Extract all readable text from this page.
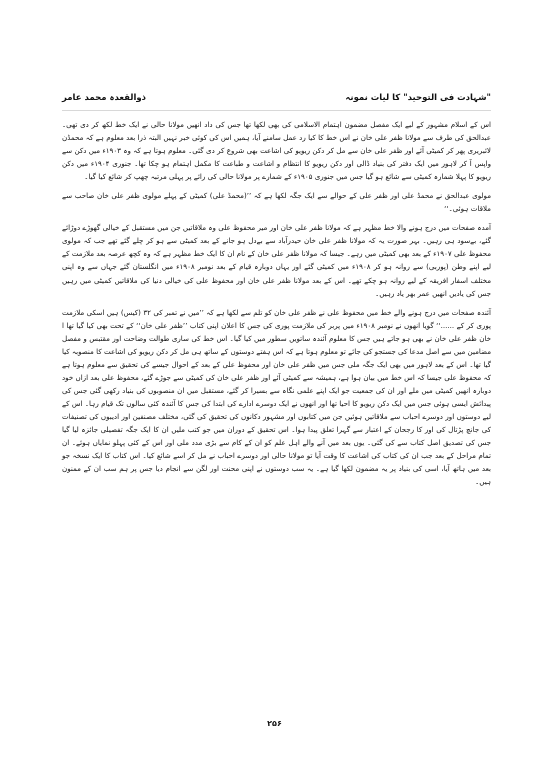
"شہادت فی التوحید" کا لیات نمونہ
ذوالقعدہ محمد عامر

اس کے اسلام مشہور کے لیے ایک مفصل مضمون اہتمام الاسلامی کی بھی لکھا تھا جس کی داد انھیں مولانا حالی نے ایک خط لکھ کر دی تھی۔ عبدالحق کی طرف سے مولانا ظفر علی خان نے اس خط کا کیا رد عمل سامنے آیا، ہمیں اس کی کوئی خبر نہیں البتہ ذرا بعد معلوم ہے کہ محمڈن لائبریری پھر کر کمیٹی آئے اور ظفر علی خان سے مل کر دکن ریویو کی اشاعت بھی شروع کر دی گئی۔ معلوم ہوتا ہے کہ وہ ۱۹۰۳ء میں دکن سے واپس آ کر لاہور میں ایک دفتر کی بنیاد ڈالی اور دکن ریویو کا انتظام و اشاعت و طباعت کا مکمل اہتمام ہو چکا تھا۔ جنوری ۱۹۰۴ء میں دکن ریویو کا پہلا شمارہ کمیٹی سے شائع ہو گیا جس میں جنوری ۱۹۰۵ء کے شمارے پر مولانا حالی کی رائے پر پہلی مرتبہ چھپ کر شائع کیا گیا۔

مولوی عبدالحق نے محمڈ علی اور ظفر علی کے حوالے سے ایک جگہ لکھا ہے کہ ’’(محمڈ علی) کمیٹی کے پہلے مولوی ظفر علی خان صاحب سے ملاقات ہوئی۔‘‘

آمدہ صفحات میں درج ہونے والا خط مظہر ہے کہ مولانا ظفر علی خان اور میر محفوظ علی وہ ملاقاتیں جن میں مستقبل کے خیالی گھوڑے دوڑائے گئے، بےسود ہی رہیں۔ بہر صورت یہ کہ مولانا ظفر علی خان حیدرآباد سے بےدل ہو جانے کے بعد کمیٹی سے ہو کر چلے گئے تھے جب کہ مولوی محفوظ علی ۱۹۰۷ء کے بعد بھی کمیٹی میں رہے۔ جیسا کہ مولانا ظفر علی خان کے نام ان کا ایک خط مظہر ہے کہ وہ کچھ عرصہ بعد ملازمت کے لیے اپنے وطن (پوربی) سے روانہ ہو کر ۱۹۰۸ء میں کمیٹی گئے اور یہاں دوبارہ قیام کے بعد نومبر ۱۹۰۸ء میں انگلستان گئے جہاں سے وہ اپنی مختلف اسفار افریقہ کے لیے روانہ ہو چکے تھے۔ اس کے بعد مولانا ظفر علی خان اور محفوظ علی کی خیالی دنیا کی ملاقاتیں کمیٹی میں رہیں جس کی یادیں انھیں عمر بھر یاد رہیں۔

آئندہ صفحات میں درج ہونے والے خط میں محفوظ علی نے ظفر علی خان کو تلم سے لکھا ہے کہ ’’میں نے تمبر کی ۳۲ (کیس) ہیں اسکی ملازمت پوری کر کے ......‘‘ گویا انھوں نے نومبر ۱۹۰۸ء میں پربر کی ملازمت پوری کی جس کا اعلان اپنی کتاب ’’ظفر علی خان‘‘ کے تحت بھی کیا گیا تھا ا خان ظفر علی خان نے بھی ہو جاتے ہیں جس کا معلوم آئندہ ساتویں سطور میں کیا گیا۔ اس خط کی ساری طوالت وضاحت اور مقتبس و مفصل مضامین میں سے اصل مدعا کی جستجو کی جائے تو معلوم ہوتا ہے کہ اس ہفتے دوستوں کے ساتھ ہی مل کر دکن ریویو کی اشاعت کا منصوبہ کیا گیا تھا۔ اس کے بعد لاہور میں بھی ایک جگہ ملی جس میں ظفر علی خان اور محفوظ علی کے بعد کے احوال جیسے کی تحقیق سے معلوم ہوتا ہے کہ محفوظ علی جیسا کہ اس خط میں بیان ہوا ہے، ہمیشہ سے کمیٹی آئے اور ظفر علی خان کی کمیٹی سے جوڑے گئے، محفوظ علی بعد ازاں خود دوبارہ انھیں کمیٹی میں ملے اور ان کی جمعیت جو ایک اپنے علمی نگاہ سے بسیرا کر گئے، مستقبل میں ان منصوبوں کی بنیاد رکھی گئی جس کی پیدائش ایسی ہوئی جس میں ایک دکن ریویو کا احیا تھا اور انھوں نے ایک دوسرے ادارے کی ابتدا کی جس کا آئندہ کئی سالوں تک قیام رہا۔ اس کے لیے دوستوں اور دوسرے احباب سے ملاقاتیں ہوئیں جن میں کتابوں اور مشہور دکانوں کی تحقیق کی گئی، مختلف مصنفین اور ادیبوں کی تصنیفات کی جانچ پڑتال کی اور کا رجحان کے اعتبار سے گہرا تعلق پیدا ہوا۔ اس تحقیق کے دوران میں جو کتب ملیں ان کا ایک جگہ تفصیلی جائزہ لیا گیا جس کی تصدیق اصل کتاب سے کی گئی۔ یوں بعد میں آنے والے اہل علم کو ان کے کام سے بڑی مدد ملی اور اس کے کئی پہلو نمایاں ہوئے۔ ان تمام مراحل کے بعد جب ان کی کتاب کی اشاعت کا وقت آیا تو مولانا حالی اور دوسرے احباب نے مل کر اسے شائع کیا۔ اس کتاب کا ایک نسخہ جو بعد میں ہاتھ آیا، اسی کی بنیاد پر یہ مضمون لکھا گیا ہے۔ یہ سب دوستوں نے اپنی محنت اور لگن سے انجام دیا جس پر ہم سب ان کے ممنون ہیں۔

۲۵۶
